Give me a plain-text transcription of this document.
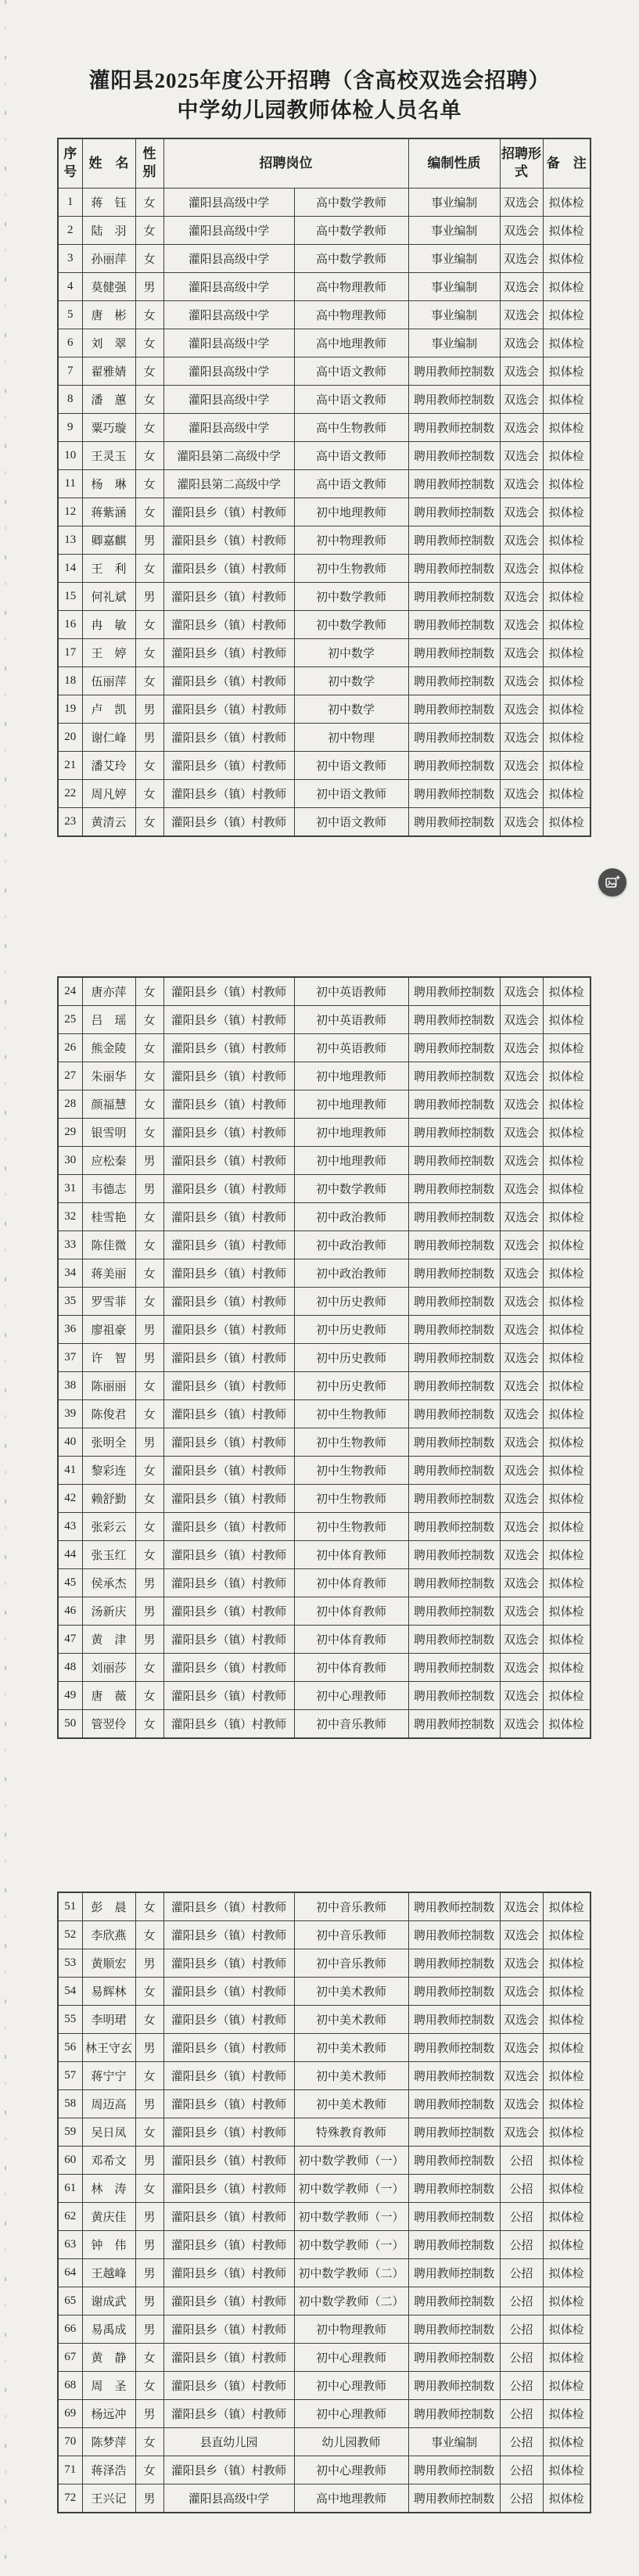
灌阳县2025年度公开招聘（含高校双选会招聘）
中学幼儿园教师体检人员名单
序号	姓　名	性别	招聘岗位		编制性质	招聘形式	备　注
1	蒋　钰	女	灌阳县高级中学	高中数学教师	事业编制	双选会	拟体检
2	陆　羽	女	灌阳县高级中学	高中数学教师	事业编制	双选会	拟体检
3	孙丽萍	女	灌阳县高级中学	高中数学教师	事业编制	双选会	拟体检
4	莫健强	男	灌阳县高级中学	高中物理教师	事业编制	双选会	拟体检
5	唐　彬	女	灌阳县高级中学	高中物理教师	事业编制	双选会	拟体检
6	刘　翠	女	灌阳县高级中学	高中地理教师	事业编制	双选会	拟体检
7	翟雅婧	女	灌阳县高级中学	高中语文教师	聘用教师控制数	双选会	拟体检
8	潘　蕙	女	灌阳县高级中学	高中语文教师	聘用教师控制数	双选会	拟体检
9	粟巧璇	女	灌阳县高级中学	高中生物教师	聘用教师控制数	双选会	拟体检
10	王灵玉	女	灌阳县第二高级中学	高中语文教师	聘用教师控制数	双选会	拟体检
11	杨　琳	女	灌阳县第二高级中学	高中语文教师	聘用教师控制数	双选会	拟体检
12	蒋紫涵	女	灌阳县乡（镇）村教师	初中地理教师	聘用教师控制数	双选会	拟体检
13	卿嘉麒	男	灌阳县乡（镇）村教师	初中物理教师	聘用教师控制数	双选会	拟体检
14	王　利	女	灌阳县乡（镇）村教师	初中生物教师	聘用教师控制数	双选会	拟体检
15	何礼斌	男	灌阳县乡（镇）村教师	初中数学教师	聘用教师控制数	双选会	拟体检
16	冉　敏	女	灌阳县乡（镇）村教师	初中数学教师	聘用教师控制数	双选会	拟体检
17	王　婷	女	灌阳县乡（镇）村教师	初中数学	聘用教师控制数	双选会	拟体检
18	伍丽萍	女	灌阳县乡（镇）村教师	初中数学	聘用教师控制数	双选会	拟体检
19	卢　凯	男	灌阳县乡（镇）村教师	初中数学	聘用教师控制数	双选会	拟体检
20	谢仁峰	男	灌阳县乡（镇）村教师	初中物理	聘用教师控制数	双选会	拟体检
21	潘艾玲	女	灌阳县乡（镇）村教师	初中语文教师	聘用教师控制数	双选会	拟体检
22	周凡婷	女	灌阳县乡（镇）村教师	初中语文教师	聘用教师控制数	双选会	拟体检
23	黄清云	女	灌阳县乡（镇）村教师	初中语文教师	聘用教师控制数	双选会	拟体检
24	唐亦萍	女	灌阳县乡（镇）村教师	初中英语教师	聘用教师控制数	双选会	拟体检
25	吕　瑶	女	灌阳县乡（镇）村教师	初中英语教师	聘用教师控制数	双选会	拟体检
26	熊金陵	女	灌阳县乡（镇）村教师	初中英语教师	聘用教师控制数	双选会	拟体检
27	朱丽华	女	灌阳县乡（镇）村教师	初中地理教师	聘用教师控制数	双选会	拟体检
28	颜福慧	女	灌阳县乡（镇）村教师	初中地理教师	聘用教师控制数	双选会	拟体检
29	银雪明	女	灌阳县乡（镇）村教师	初中地理教师	聘用教师控制数	双选会	拟体检
30	应松秦	男	灌阳县乡（镇）村教师	初中地理教师	聘用教师控制数	双选会	拟体检
31	韦德志	男	灌阳县乡（镇）村教师	初中数学教师	聘用教师控制数	双选会	拟体检
32	桂雪艳	女	灌阳县乡（镇）村教师	初中政治教师	聘用教师控制数	双选会	拟体检
33	陈佳微	女	灌阳县乡（镇）村教师	初中政治教师	聘用教师控制数	双选会	拟体检
34	蒋美丽	女	灌阳县乡（镇）村教师	初中政治教师	聘用教师控制数	双选会	拟体检
35	罗雪菲	女	灌阳县乡（镇）村教师	初中历史教师	聘用教师控制数	双选会	拟体检
36	廖祖豪	男	灌阳县乡（镇）村教师	初中历史教师	聘用教师控制数	双选会	拟体检
37	许　智	男	灌阳县乡（镇）村教师	初中历史教师	聘用教师控制数	双选会	拟体检
38	陈丽丽	女	灌阳县乡（镇）村教师	初中历史教师	聘用教师控制数	双选会	拟体检
39	陈俊君	女	灌阳县乡（镇）村教师	初中生物教师	聘用教师控制数	双选会	拟体检
40	张明全	男	灌阳县乡（镇）村教师	初中生物教师	聘用教师控制数	双选会	拟体检
41	黎彩连	女	灌阳县乡（镇）村教师	初中生物教师	聘用教师控制数	双选会	拟体检
42	赖舒勤	女	灌阳县乡（镇）村教师	初中生物教师	聘用教师控制数	双选会	拟体检
43	张彩云	女	灌阳县乡（镇）村教师	初中生物教师	聘用教师控制数	双选会	拟体检
44	张玉红	女	灌阳县乡（镇）村教师	初中体育教师	聘用教师控制数	双选会	拟体检
45	侯承杰	男	灌阳县乡（镇）村教师	初中体育教师	聘用教师控制数	双选会	拟体检
46	汤新庆	男	灌阳县乡（镇）村教师	初中体育教师	聘用教师控制数	双选会	拟体检
47	黄　津	男	灌阳县乡（镇）村教师	初中体育教师	聘用教师控制数	双选会	拟体检
48	刘丽莎	女	灌阳县乡（镇）村教师	初中体育教师	聘用教师控制数	双选会	拟体检
49	唐　薇	女	灌阳县乡（镇）村教师	初中心理教师	聘用教师控制数	双选会	拟体检
50	管翌伶	女	灌阳县乡（镇）村教师	初中音乐教师	聘用教师控制数	双选会	拟体检
51	彭　晨	女	灌阳县乡（镇）村教师	初中音乐教师	聘用教师控制数	双选会	拟体检
52	李欣燕	女	灌阳县乡（镇）村教师	初中音乐教师	聘用教师控制数	双选会	拟体检
53	黄顺宏	男	灌阳县乡（镇）村教师	初中音乐教师	聘用教师控制数	双选会	拟体检
54	易辉林	女	灌阳县乡（镇）村教师	初中美术教师	聘用教师控制数	双选会	拟体检
55	李明珺	女	灌阳县乡（镇）村教师	初中美术教师	聘用教师控制数	双选会	拟体检
56	林王守玄	男	灌阳县乡（镇）村教师	初中美术教师	聘用教师控制数	双选会	拟体检
57	蒋宁宁	女	灌阳县乡（镇）村教师	初中美术教师	聘用教师控制数	双选会	拟体检
58	周迈高	男	灌阳县乡（镇）村教师	初中美术教师	聘用教师控制数	双选会	拟体检
59	吴日凤	女	灌阳县乡（镇）村教师	特殊教育教师	聘用教师控制数	双选会	拟体检
60	邓希文	男	灌阳县乡（镇）村教师	初中数学教师（一）	聘用教师控制数	公招	拟体检
61	林　涛	女	灌阳县乡（镇）村教师	初中数学教师（一）	聘用教师控制数	公招	拟体检
62	黄庆佳	男	灌阳县乡（镇）村教师	初中数学教师（一）	聘用教师控制数	公招	拟体检
63	钟　伟	男	灌阳县乡（镇）村教师	初中数学教师（一）	聘用教师控制数	公招	拟体检
64	王越峰	男	灌阳县乡（镇）村教师	初中数学教师（二）	聘用教师控制数	公招	拟体检
65	谢成武	男	灌阳县乡（镇）村教师	初中数学教师（二）	聘用教师控制数	公招	拟体检
66	易禹成	男	灌阳县乡（镇）村教师	初中物理教师	聘用教师控制数	公招	拟体检
67	黄　静	女	灌阳县乡（镇）村教师	初中心理教师	聘用教师控制数	公招	拟体检
68	周　圣	女	灌阳县乡（镇）村教师	初中心理教师	聘用教师控制数	公招	拟体检
69	杨远冲	男	灌阳县乡（镇）村教师	初中心理教师	聘用教师控制数	公招	拟体检
70	陈梦萍	女	县直幼儿园	幼儿园教师	事业编制	公招	拟体检
71	蒋泽浩	女	灌阳县乡（镇）村教师	初中心理教师	聘用教师控制数	公招	拟体检
72	王兴记	男	灌阳县高级中学	高中地理教师	聘用教师控制数	公招	拟体检
